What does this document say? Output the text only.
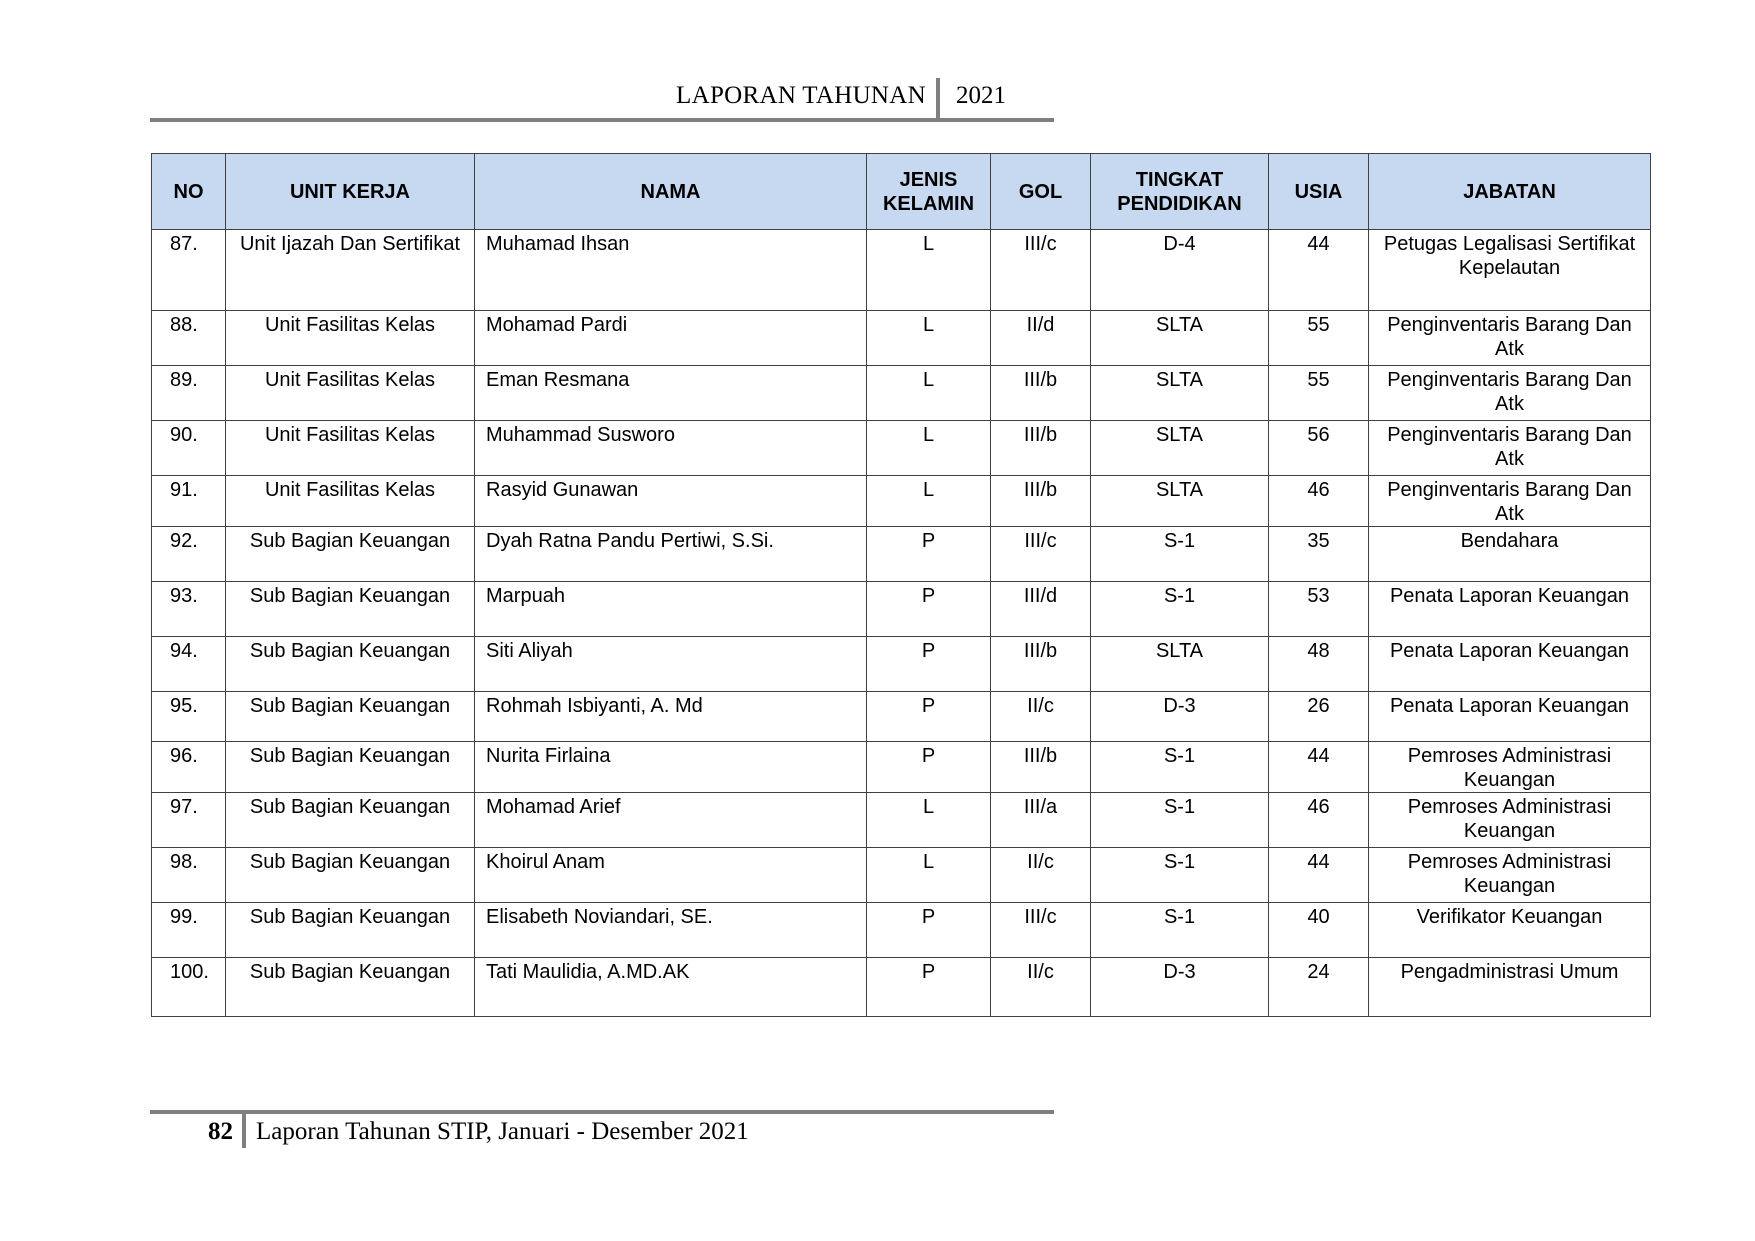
LAPORAN TAHUNAN 2021
NO	UNIT KERJA	NAMA	JENIS KELAMIN	GOL	TINGKAT PENDIDIKAN	USIA	JABATAN
87.	Unit Ijazah Dan Sertifikat	Muhamad Ihsan	L	III/c	D-4	44	Petugas Legalisasi Sertifikat Kepelautan
88.	Unit Fasilitas Kelas	Mohamad Pardi	L	II/d	SLTA	55	Penginventaris Barang Dan Atk
89.	Unit Fasilitas Kelas	Eman Resmana	L	III/b	SLTA	55	Penginventaris Barang Dan Atk
90.	Unit Fasilitas Kelas	Muhammad Susworo	L	III/b	SLTA	56	Penginventaris Barang Dan Atk
91.	Unit Fasilitas Kelas	Rasyid Gunawan	L	III/b	SLTA	46	Penginventaris Barang Dan Atk
92.	Sub Bagian Keuangan	Dyah Ratna Pandu Pertiwi, S.Si.	P	III/c	S-1	35	Bendahara
93.	Sub Bagian Keuangan	Marpuah	P	III/d	S-1	53	Penata Laporan Keuangan
94.	Sub Bagian Keuangan	Siti Aliyah	P	III/b	SLTA	48	Penata Laporan Keuangan
95.	Sub Bagian Keuangan	Rohmah Isbiyanti, A. Md	P	II/c	D-3	26	Penata Laporan Keuangan
96.	Sub Bagian Keuangan	Nurita Firlaina	P	III/b	S-1	44	Pemroses Administrasi Keuangan
97.	Sub Bagian Keuangan	Mohamad Arief	L	III/a	S-1	46	Pemroses Administrasi Keuangan
98.	Sub Bagian Keuangan	Khoirul Anam	L	II/c	S-1	44	Pemroses Administrasi Keuangan
99.	Sub Bagian Keuangan	Elisabeth Noviandari, SE.	P	III/c	S-1	40	Verifikator Keuangan
100.	Sub Bagian Keuangan	Tati Maulidia, A.MD.AK	P	II/c	D-3	24	Pengadministrasi Umum
82 Laporan Tahunan STIP, Januari - Desember 2021
